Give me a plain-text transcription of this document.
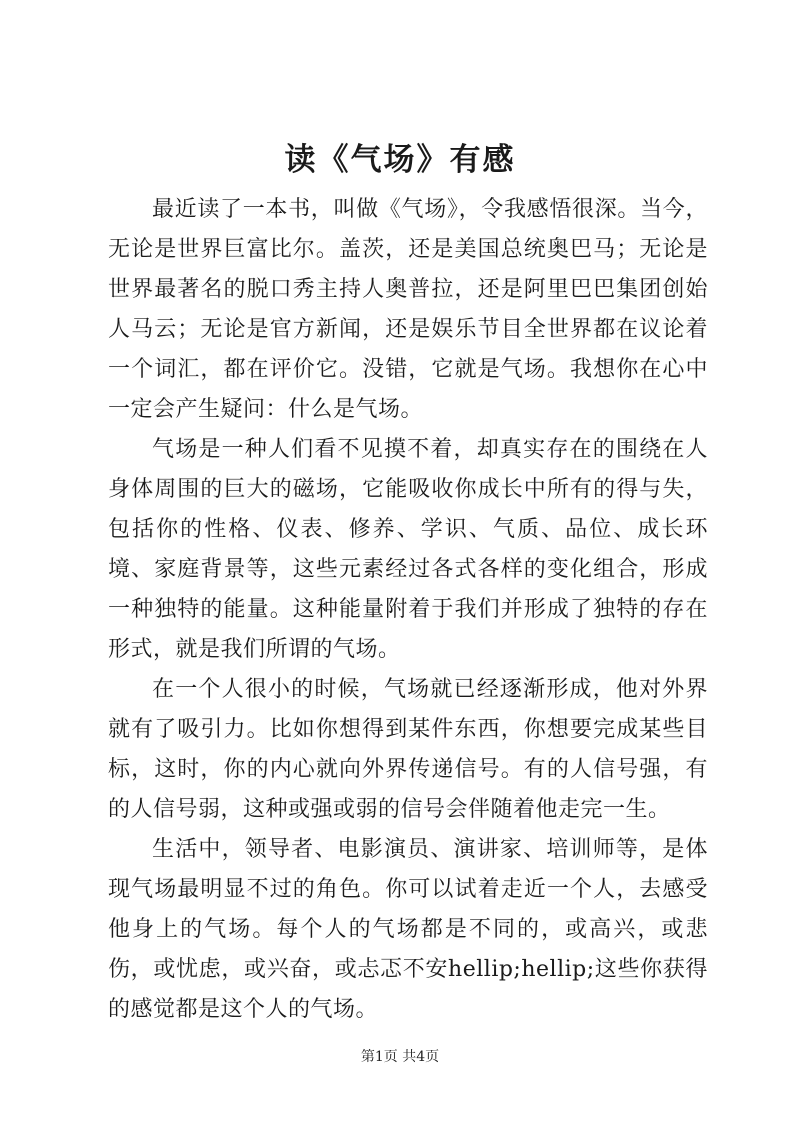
读《气场》有感

最近读了一本书，叫做《气场》，令我感悟很深。当今，无论是世界巨富比尔。盖茨，还是美国总统奥巴马；无论是世界最著名的脱口秀主持人奥普拉，还是阿里巴巴集团创始人马云；无论是官方新闻，还是娱乐节目全世界都在议论着一个词汇，都在评价它。没错，它就是气场。我想你在心中一定会产生疑问：什么是气场。

气场是一种人们看不见摸不着，却真实存在的围绕在人身体周围的巨大的磁场，它能吸收你成长中所有的得与失，包括你的性格、仪表、修养、学识、气质、品位、成长环境、家庭背景等，这些元素经过各式各样的变化组合，形成一种独特的能量。这种能量附着于我们并形成了独特的存在形式，就是我们所谓的气场。

在一个人很小的时候，气场就已经逐渐形成，他对外界就有了吸引力。比如你想得到某件东西，你想要完成某些目标，这时，你的内心就向外界传递信号。有的人信号强，有的人信号弱，这种或强或弱的信号会伴随着他走完一生。

生活中，领导者、电影演员、演讲家、培训师等，是体现气场最明显不过的角色。你可以试着走近一个人，去感受他身上的气场。每个人的气场都是不同的，或高兴，或悲伤，或忧虑，或兴奋，或忐忑不安hellip;hellip;这些你获得的感觉都是这个人的气场。

第1页 共4页
